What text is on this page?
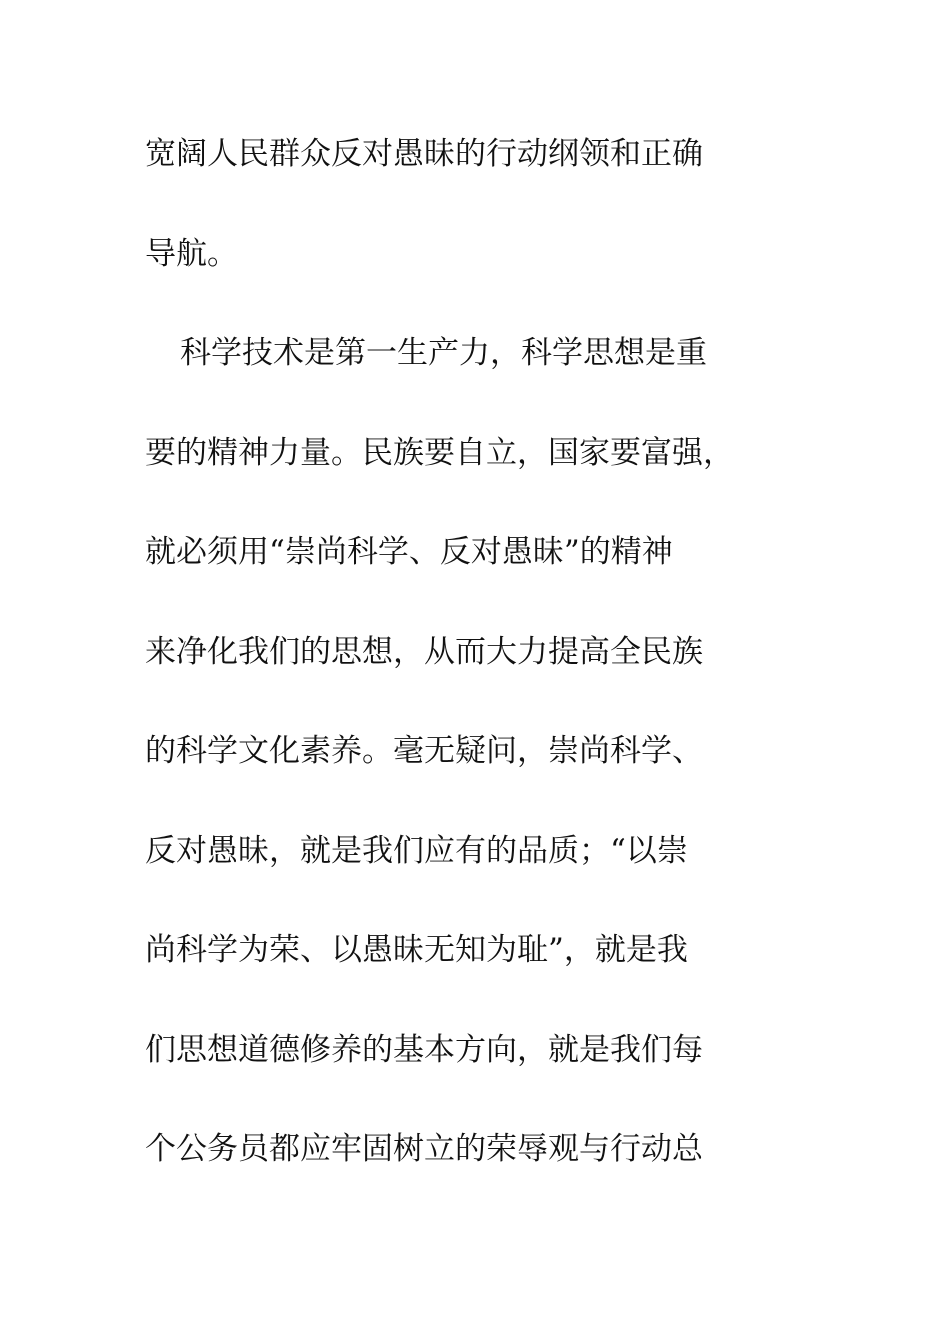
宽阔人民群众反对愚昧的行动纲领和正确
导航。
科学技术是第一生产力，科学思想是重
要的精神力量。民族要自立，国家要富强，
就必须用“崇尚科学、反对愚昧”的精神
来净化我们的思想，从而大力提高全民族
的科学文化素养。毫无疑问，崇尚科学、
反对愚昧，就是我们应有的品质；“以崇
尚科学为荣、以愚昧无知为耻”，就是我
们思想道德修养的基本方向，就是我们每
个公务员都应牢固树立的荣辱观与行动总
